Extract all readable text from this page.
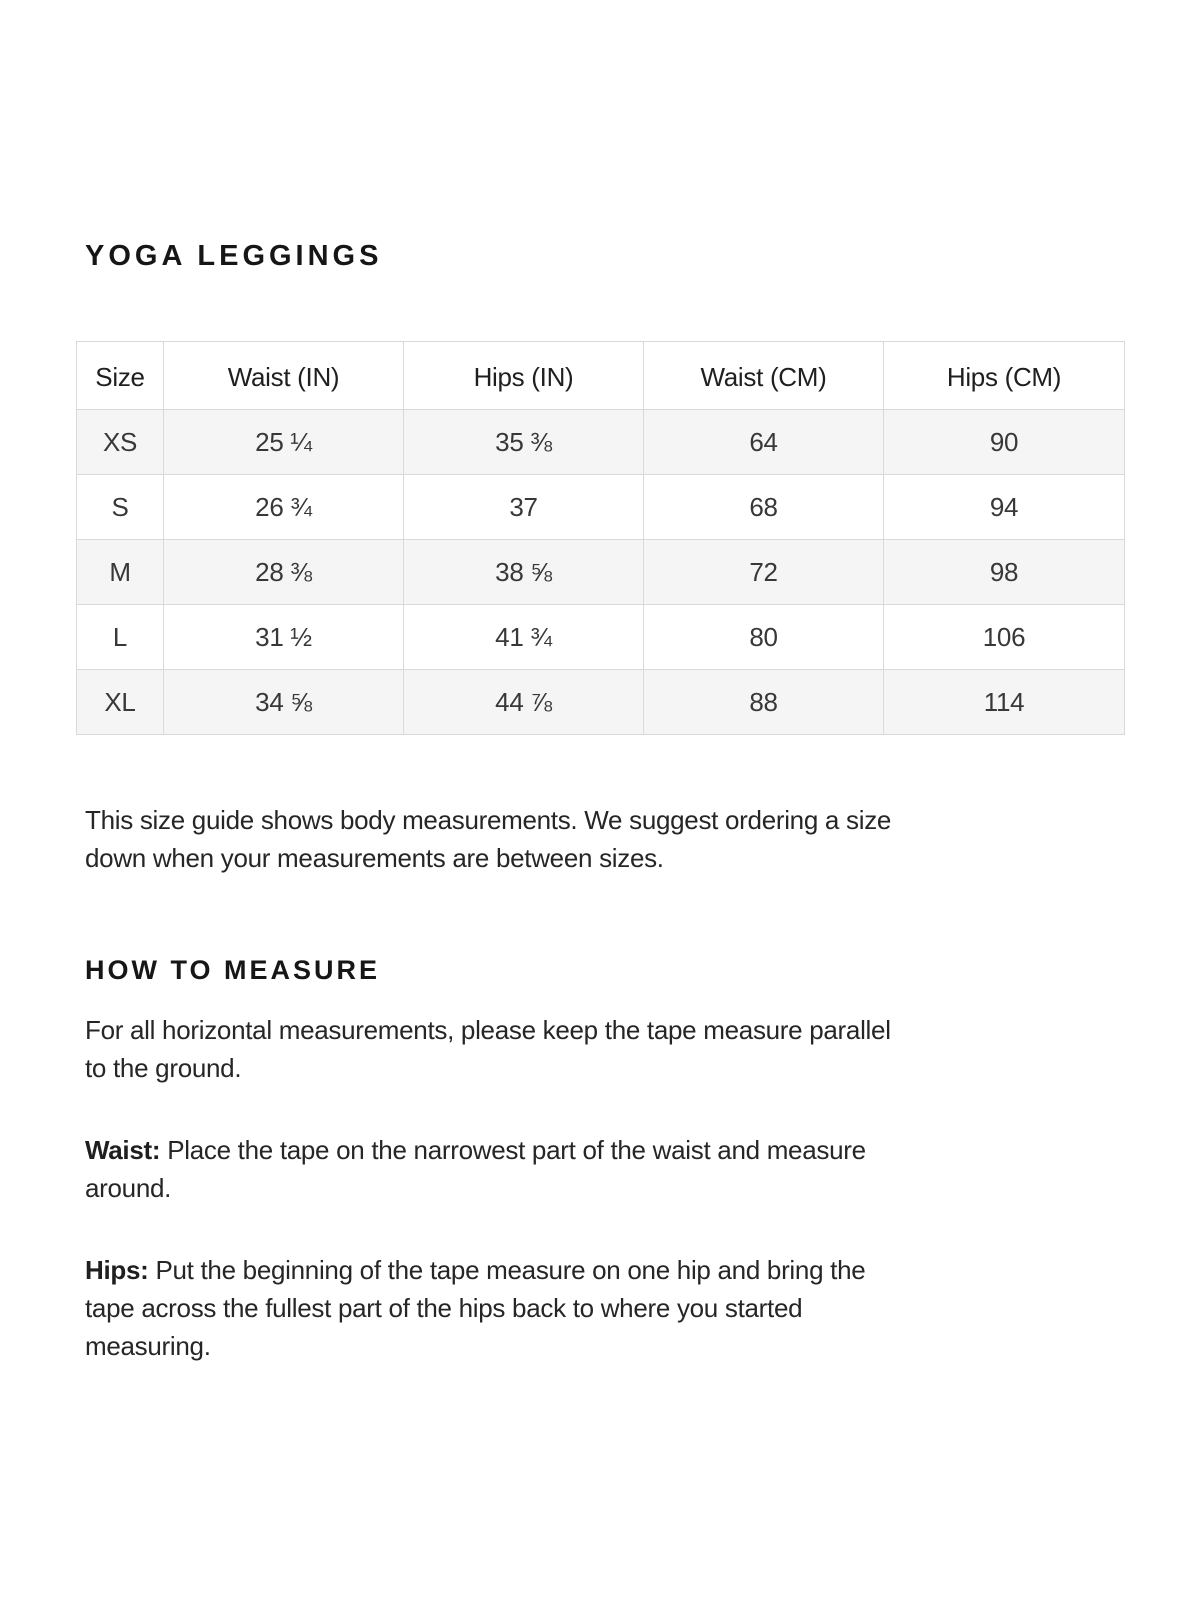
YOGA LEGGINGS
Size	Waist (IN)	Hips (IN)	Waist (CM)	Hips (CM)
XS	25 ¼	35 ⅜	64	90
S	26 ¾	37	68	94
M	28 ⅜	38 ⅝	72	98
L	31 ½	41 ¾	80	106
XL	34 ⅝	44 ⅞	88	114

This size guide shows body measurements. We suggest ordering a size
down when your measurements are between sizes.

HOW TO MEASURE

For all horizontal measurements, please keep the tape measure parallel
to the ground.

Waist: Place the tape on the narrowest part of the waist and measure
around.

Hips: Put the beginning of the tape measure on one hip and bring the
tape across the fullest part of the hips back to where you started
measuring.
